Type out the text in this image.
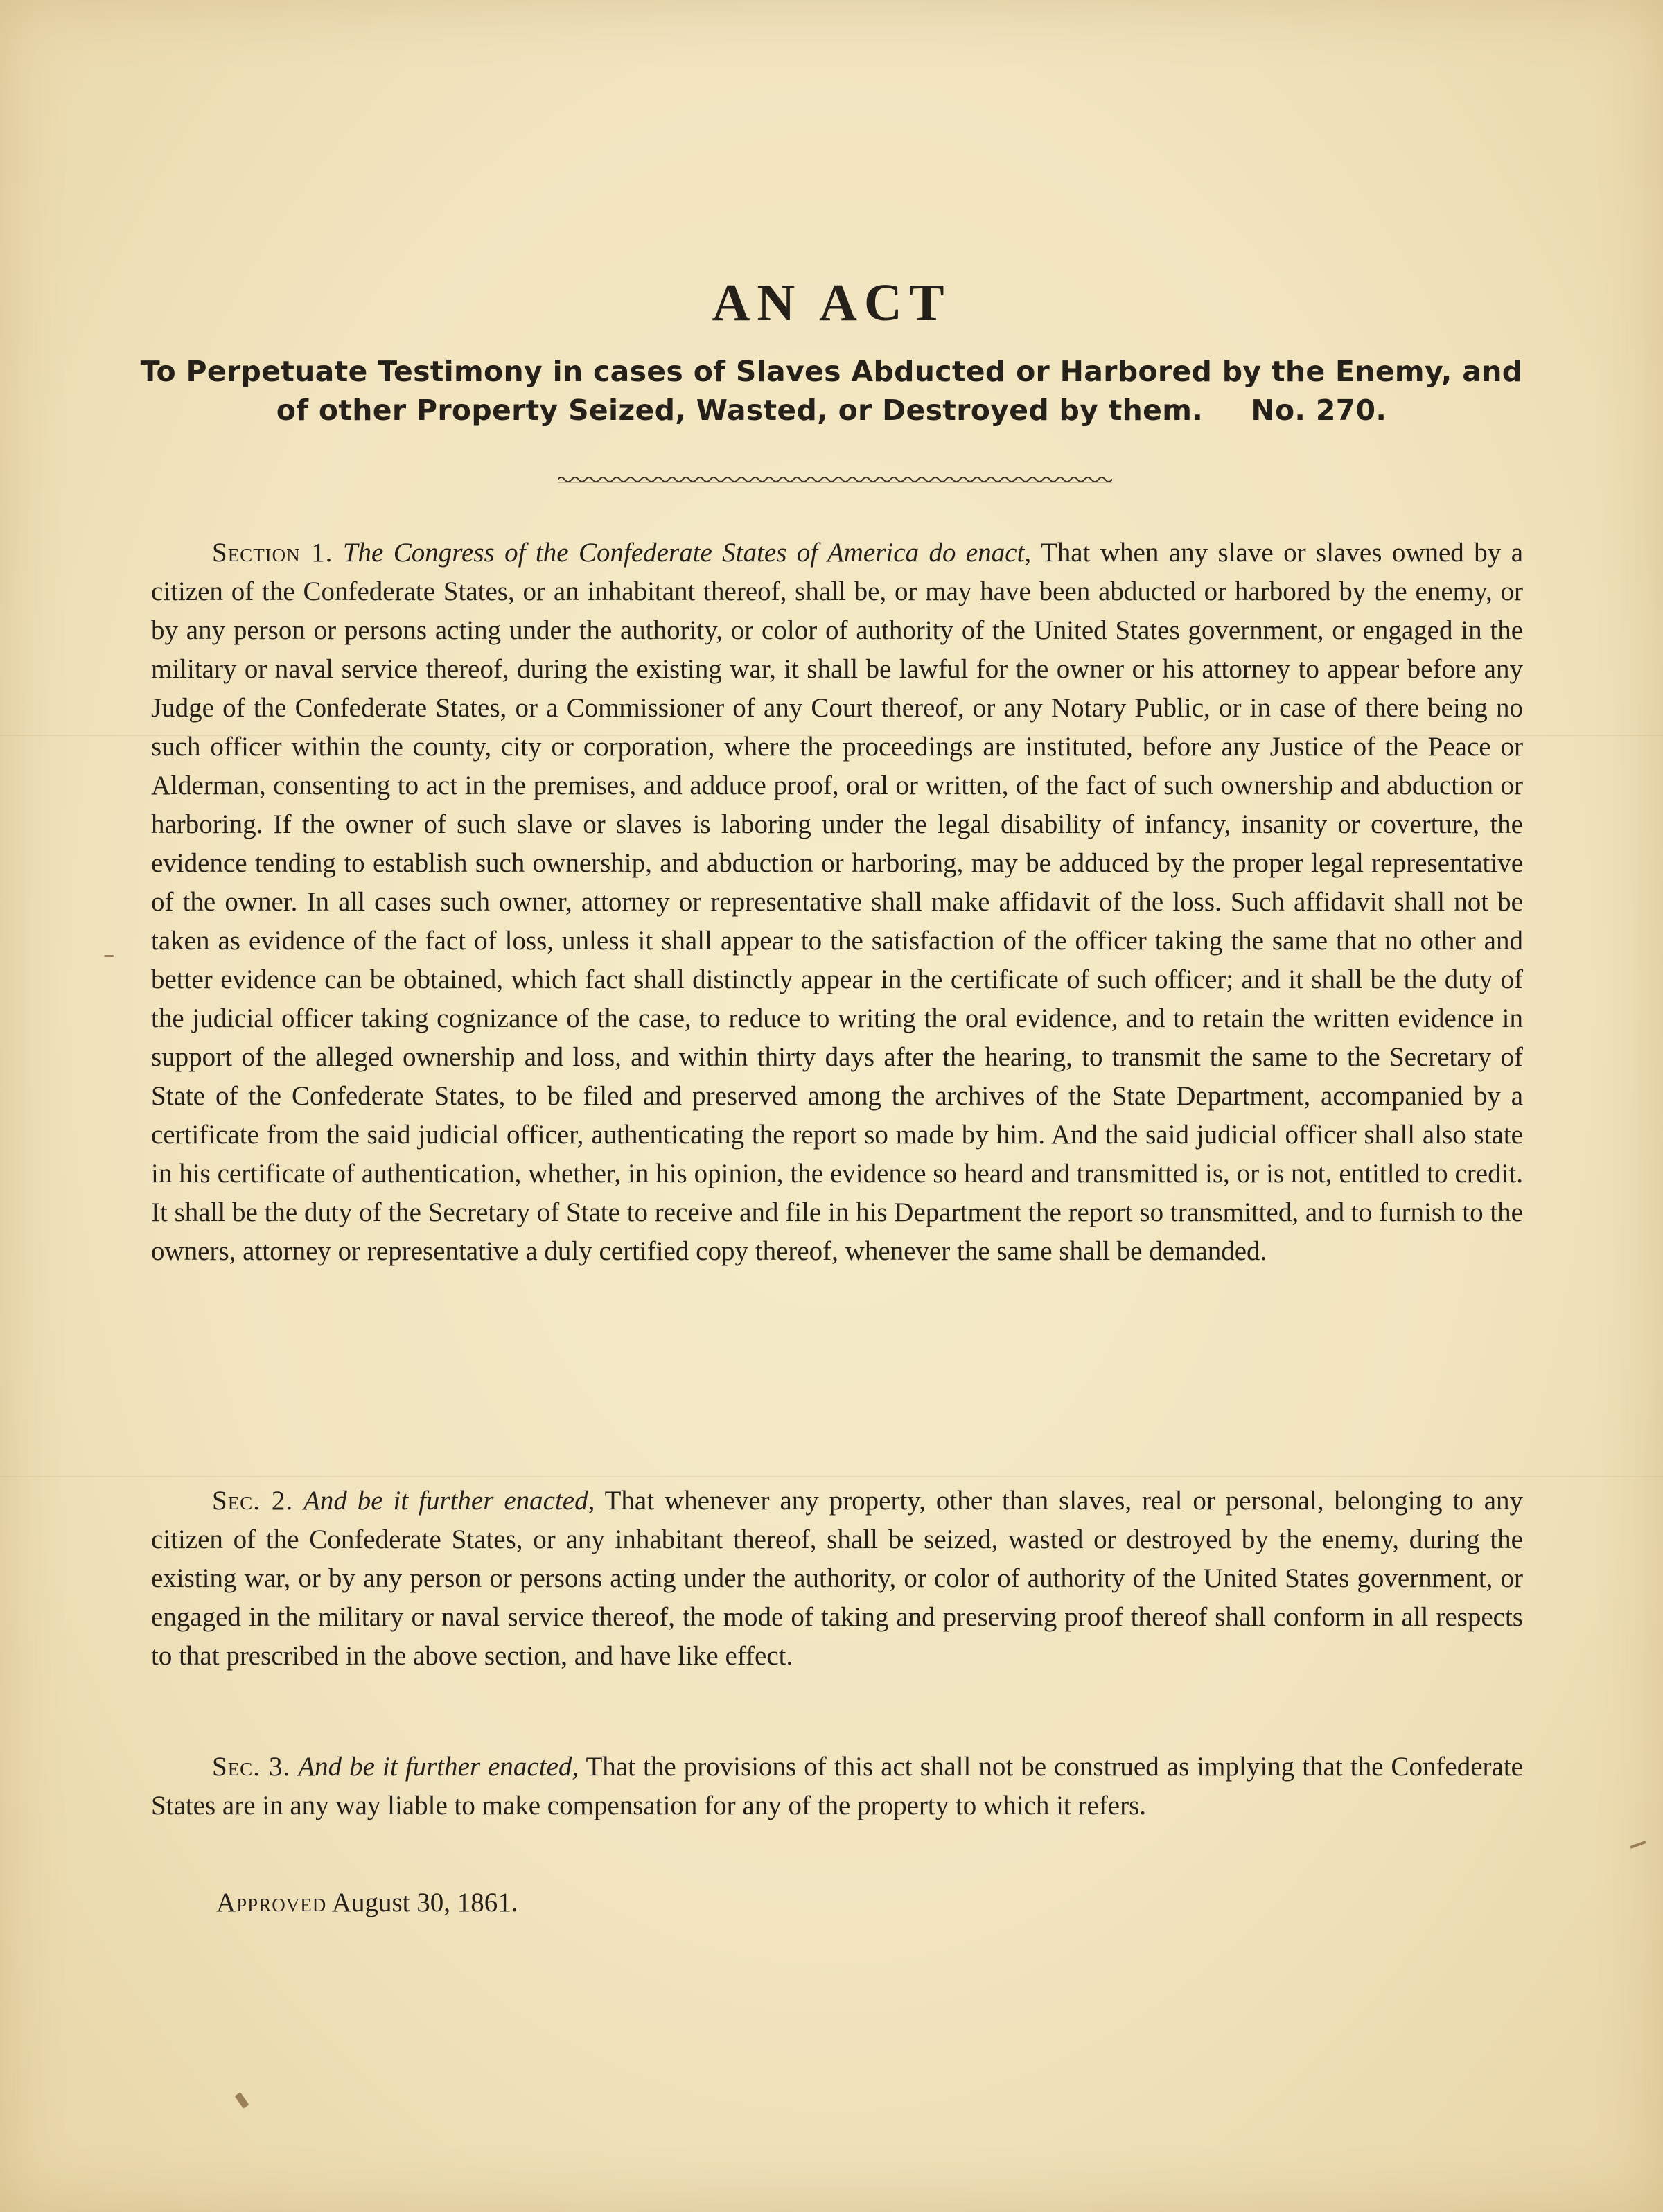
AN ACT
To Perpetuate Testimony in cases of Slaves Abducted or Harbored by the Enemy, and
of other Property Seized, Wasted, or Destroyed by them. No. 270.

Section 1. The Congress of the Confederate States of America do enact, That when any slave or slaves owned by a citizen of the Confederate States, or an inhabitant thereof, shall be, or may have been abducted or harbored by the enemy, or by any person or persons acting under the authority, or color of authority of the United States government, or engaged in the military or naval service thereof, during the existing war, it shall be lawful for the owner or his attorney to appear before any Judge of the Confederate States, or a Commissioner of any Court thereof, or any Notary Public, or in case of there being no such officer within the county, city or corporation, where the proceedings are instituted, before any Justice of the Peace or Alderman, consenting to act in the premises, and adduce proof, oral or written, of the fact of such ownership and abduction or harboring. If the owner of such slave or slaves is laboring under the legal disability of infancy, insanity or coverture, the evidence tending to establish such ownership, and abduction or harboring, may be adduced by the proper legal representative of the owner. In all cases such owner, attorney or representative shall make affidavit of the loss. Such affidavit shall not be taken as evidence of the fact of loss, unless it shall appear to the satisfaction of the officer taking the same that no other and better evidence can be obtained, which fact shall distinctly appear in the certificate of such officer; and it shall be the duty of the judicial officer taking cognizance of the case, to reduce to writing the oral evidence, and to retain the written evidence in support of the alleged ownership and loss, and within thirty days after the hearing, to transmit the same to the Secretary of State of the Confederate States, to be filed and preserved among the archives of the State Department, accompanied by a certificate from the said judicial officer, authenticating the report so made by him. And the said judicial officer shall also state in his certificate of authentication, whether, in his opinion, the evidence so heard and transmitted is, or is not, entitled to credit. It shall be the duty of the Secretary of State to receive and file in his Department the report so transmitted, and to furnish to the owners, attorney or representative a duly certified copy thereof, whenever the same shall be demanded.

Sec. 2. And be it further enacted, That whenever any property, other than slaves, real or personal, belonging to any citizen of the Confederate States, or any inhabitant thereof, shall be seized, wasted or destroyed by the enemy, during the existing war, or by any person or persons acting under the authority, or color of authority of the United States government, or engaged in the military or naval service thereof, the mode of taking and preserving proof thereof shall conform in all respects to that prescribed in the above section, and have like effect.

Sec. 3. And be it further enacted, That the provisions of this act shall not be construed as implying that the Confederate States are in any way liable to make compensation for any of the property to which it refers.

Approved August 30, 1861.
